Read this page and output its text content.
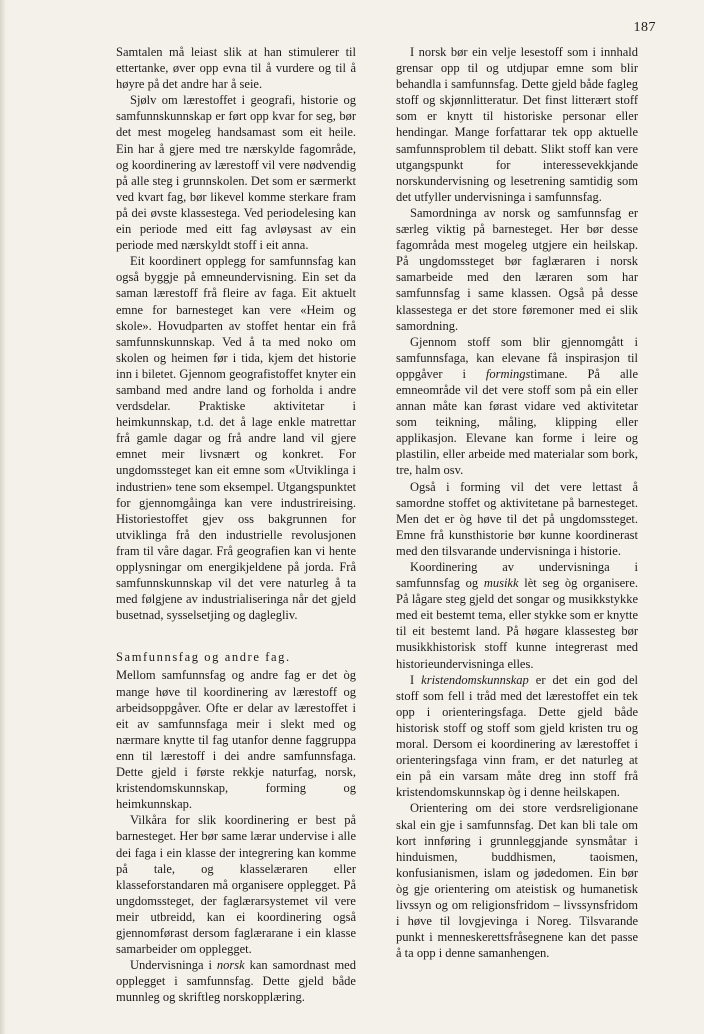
187

Samtalen må leiast slik at han stimulerer til ettertanke, øver opp evna til å vurdere og til å høyre på det andre har å seie.

Sjølv om lærestoffet i geografi, historie og samfunnskunnskap er ført opp kvar for seg, bør det mest mogeleg handsamast som eit heile. Ein har å gjere med tre nærskylde fagområde, og koordinering av lærestoff vil vere nødvendig på alle steg i grunnskolen. Det som er særmerkt ved kvart fag, bør likevel komme sterkare fram på dei øvste klassestega. Ved periodelesing kan ein periode med eitt fag avløysast av ein periode med nærskyldt stoff i eit anna.

Eit koordinert opplegg for samfunnsfag kan også byggje på emneundervisning. Ein set da saman lærestoff frå fleire av faga. Eit aktuelt emne for barnesteget kan vere «Heim og skole». Hovudparten av stoffet hentar ein frå samfunnskunnskap. Ved å ta med noko om skolen og heimen før i tida, kjem det historie inn i biletet. Gjennom geografistoffet knyter ein samband med andre land og forholda i andre verdsdelar. Praktiske aktivitetar i heimkunnskap, t.d. det å lage enkle matrettar frå gamle dagar og frå andre land vil gjere emnet meir livsnært og konkret. For ungdomssteget kan eit emne som «Utviklinga i industrien» tene som eksempel. Utgangspunktet for gjennomgåinga kan vere industrireising. Historiestoffet gjev oss bakgrunnen for utviklinga frå den industrielle revolusjonen fram til våre dagar. Frå geografien kan vi hente opplysningar om energikjeldene på jorda. Frå samfunnskunnskap vil det vere naturleg å ta med følgjene av industrialiseringa når det gjeld busetnad, sysselsetjing og daglegliv.

Samfunnsfag og andre fag.

Mellom samfunnsfag og andre fag er det òg mange høve til koordinering av lærestoff og arbeidsoppgåver. Ofte er delar av lærestoffet i eit av samfunnsfaga meir i slekt med og nærmare knytte til fag utanfor denne faggruppa enn til lærestoff i dei andre samfunnsfaga. Dette gjeld i første rekkje naturfag, norsk, kristendomskunnskap, forming og heimkunnskap.

Vilkåra for slik koordinering er best på barnesteget. Her bør same lærar undervise i alle dei faga i ein klasse der integrering kan komme på tale, og klasselæraren eller klasseforstandaren må organisere opplegget. På ungdomssteget, der faglærarsystemet vil vere meir utbreidd, kan ei koordinering også gjennomførast dersom faglærarane i ein klasse samarbeider om opplegget.

Undervisninga i norsk kan samordnast med opplegget i samfunnsfag. Dette gjeld både munnleg og skriftleg norskopplæring.

I norsk bør ein velje lesestoff som i innhald grensar opp til og utdjupar emne som blir behandla i samfunnsfag. Dette gjeld både fagleg stoff og skjønnlitteratur. Det finst litterært stoff som er knytt til historiske personar eller hendingar. Mange forfattarar tek opp aktuelle samfunnsproblem til debatt. Slikt stoff kan vere utgangspunkt for interessevekkjande norskundervisning og lesetrening samtidig som det utfyller undervisninga i samfunnsfag.

Samordninga av norsk og samfunnsfag er særleg viktig på barnesteget. Her bør desse fagområda mest mogeleg utgjere ein heilskap. På ungdomssteget bør faglæraren i norsk samarbeide med den læraren som har samfunnsfag i same klassen. Også på desse klassestega er det store føremoner med ei slik samordning.

Gjennom stoff som blir gjennomgått i samfunnsfaga, kan elevane få inspirasjon til oppgåver i formingstimane. På alle emneområde vil det vere stoff som på ein eller annan måte kan førast vidare ved aktivitetar som teikning, måling, klipping eller applikasjon. Elevane kan forme i leire og plastilin, eller arbeide med materialar som bork, tre, halm osv.

Også i forming vil det vere lettast å samordne stoffet og aktivitetane på barnesteget. Men det er òg høve til det på ungdomssteget. Emne frå kunsthistorie bør kunne koordinerast med den tilsvarande undervisninga i historie.

Koordinering av undervisninga i samfunnsfag og musikk lèt seg òg organisere. På lågare steg gjeld det songar og musikkstykke med eit bestemt tema, eller stykke som er knytte til eit bestemt land. På høgare klassesteg bør musikkhistorisk stoff kunne integrerast med historieundervisninga elles.

I kristendomskunnskap er det ein god del stoff som fell i tråd med det lærestoffet ein tek opp i orienteringsfaga. Dette gjeld både historisk stoff og stoff som gjeld kristen tru og moral. Dersom ei koordinering av lærestoffet i orienteringsfaga vinn fram, er det naturleg at ein på ein varsam måte dreg inn stoff frå kristendomskunnskap òg i denne heilskapen.

Orientering om dei store verdsreligionane skal ein gje i samfunnsfag. Det kan bli tale om kort innføring i grunnleggjande synsmåtar i hinduismen, buddhismen, taoismen, konfusianismen, islam og jødedomen. Ein bør òg gje orientering om ateistisk og humanetisk livssyn og om religionsfridom – livssynsfridom i høve til lovgjevinga i Noreg. Tilsvarande punkt i menneskerettsfråsegnene kan det passe å ta opp i denne samanhengen.
